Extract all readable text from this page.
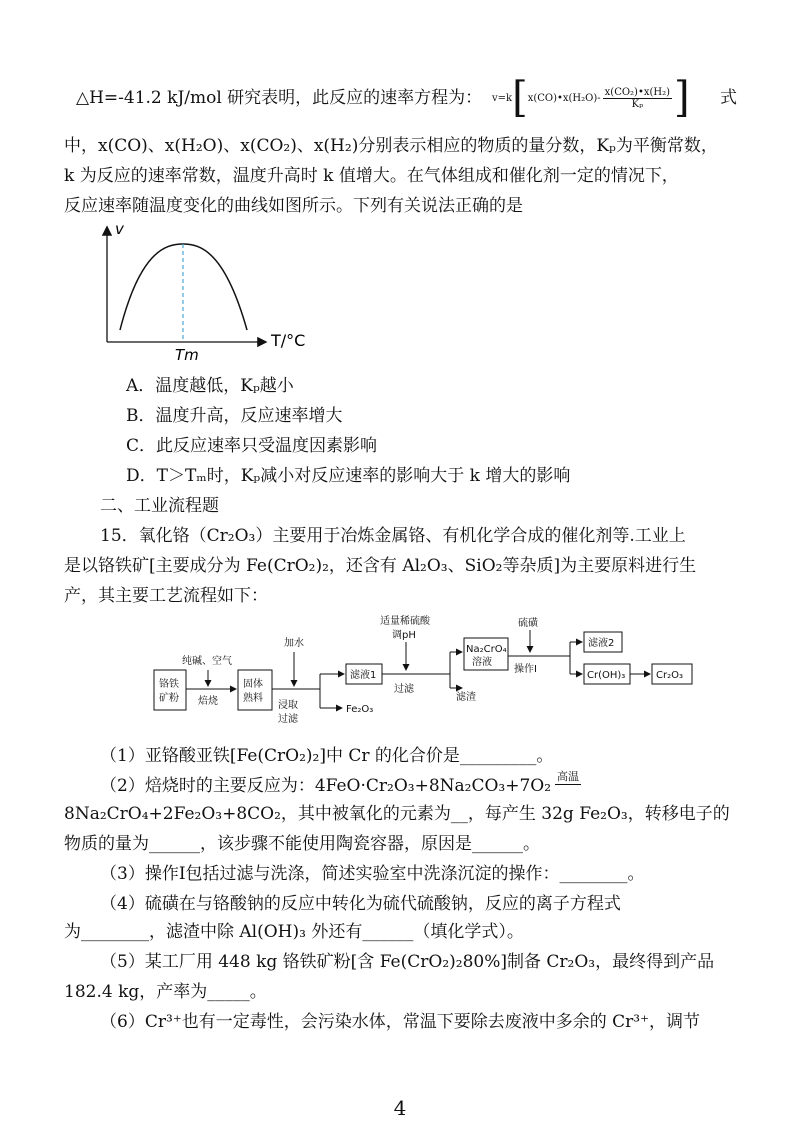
△H=-41.2 kJ/mol 研究表明，此反应的速率方程为： v=k [ x(CO)•x(H₂O)- $\frac{\text{x(CO₂)•x(H₂)}}{\text{Kₚ}}$ ] 式
中，x(CO)、x(H₂O)、x(CO₂)、x(H₂)分别表示相应的物质的量分数，Kₚ为平衡常数，
k 为反应的速率常数，温度升高时 k 值增大。在气体组成和催化剂一定的情况下，
反应速率随温度变化的曲线如图所示。下列有关说法正确的是
v
T/°C
Tm
A．温度越低，Kₚ越小
B．温度升高，反应速率增大
C．此反应速率只受温度因素影响
D．T＞Tₘ时，Kₚ减小对反应速率的影响大于 k 增大的影响
二、工业流程题
15．氧化铬（Cr₂O₃）主要用于冶炼金属铬、有机化学合成的催化剂等.工业上
是以铬铁矿[主要成分为 Fe(CrO₂)₂，还含有 Al₂O₃、SiO₂等杂质]为主要原料进行生
产，其主要工艺流程如下：
铬铁
矿粉
纯碱、空气
焙烧
固体
熟料
加水
浸取
过滤
Fe₂O₃
滤液1
适量稀硫酸
调pH
过滤
滤渣
Na₂CrO₄
溶液
硫磺
操作Ⅰ
滤液2
Cr(OH)₃	Cr₂O₃
（1）亚铬酸亚铁[Fe(CrO₂)₂]中 Cr 的化合价是_________。
（2）焙烧时的主要反应为：4FeO·Cr₂O₃+8Na₂CO₃+7O₂ 高温
8Na₂CrO₄+2Fe₂O₃+8CO₂，其中被氧化的元素为__，每产生 32g Fe₂O₃，转移电子的
物质的量为______，该步骤不能使用陶瓷容器，原因是______。
（3）操作Ⅰ包括过滤与洗涤，简述实验室中洗涤沉淀的操作：________。
（4）硫磺在与铬酸钠的反应中转化为硫代硫酸钠，反应的离子方程式
为________，滤渣中除 Al(OH)₃ 外还有______（填化学式）。
（5）某工厂用 448 kg 铬铁矿粉[含 Fe(CrO₂)₂80%]制备 Cr₂O₃，最终得到产品
182.4 kg，产率为_____。
（6）Cr³⁺也有一定毒性，会污染水体，常温下要除去废液中多余的 Cr³⁺，调节
4
